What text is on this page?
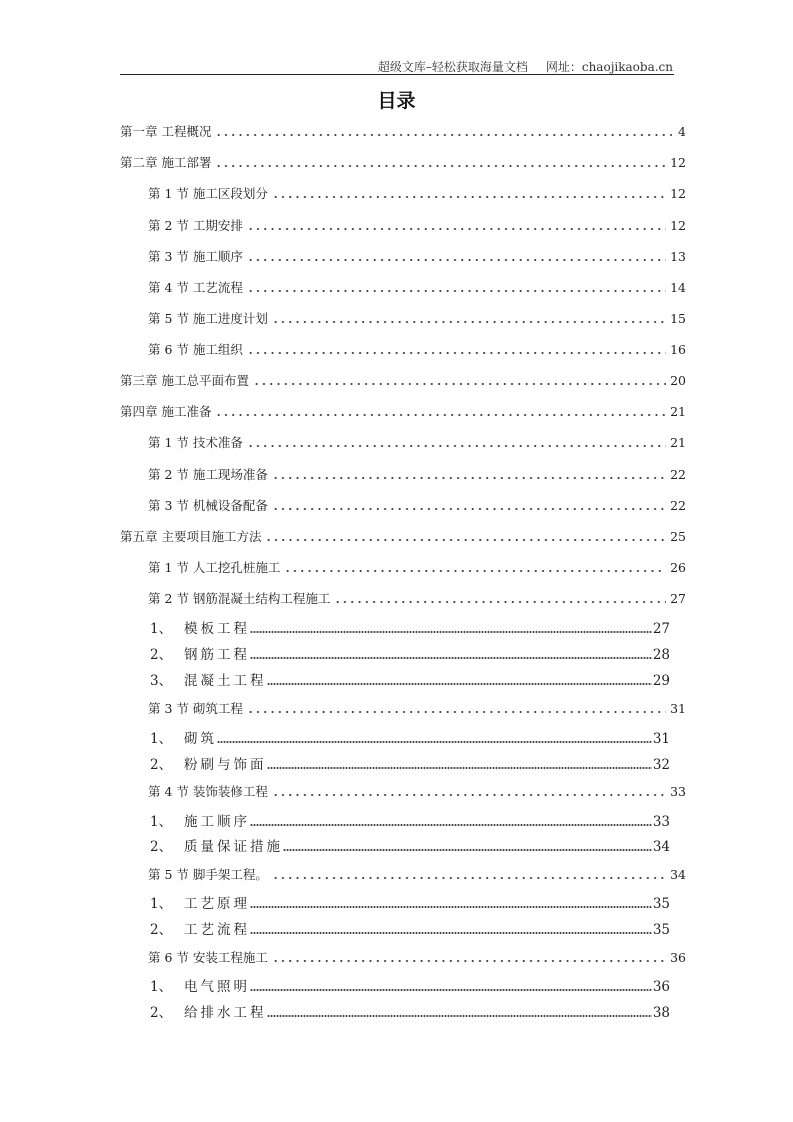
超级文库–轻松获取海量文档 网址：chaojikaoba.cn
目录
第一章 工程概况	4
第二章 施工部署	12
第 1 节 施工区段划分	12
第 2 节 工期安排	12
第 3 节 施工顺序	13
第 4 节 工艺流程	14
第 5 节 施工进度计划	15
第 6 节 施工组织	16
第三章 施工总平面布置	20
第四章 施工准备	21
第 1 节 技术准备	21
第 2 节 施工现场准备	22
第 3 节 机械设备配备	22
第五章 主要项目施工方法	25
第 1 节 人工挖孔桩施工	26
第 2 节 钢筋混凝土结构工程施工	27
1、 模板工程	27
2、 钢筋工程	28
3、 混凝土工程	29
第 3 节 砌筑工程	31
1、 砌筑	31
2、 粉刷与饰面	32
第 4 节 装饰装修工程	33
1、 施工顺序	33
2、 质量保证措施	34
第 5 节 脚手架工程。	34
1、 工艺原理	35
2、 工艺流程	35
第 6 节 安装工程施工	36
1、 电气照明	36
2、 给排水工程	38
